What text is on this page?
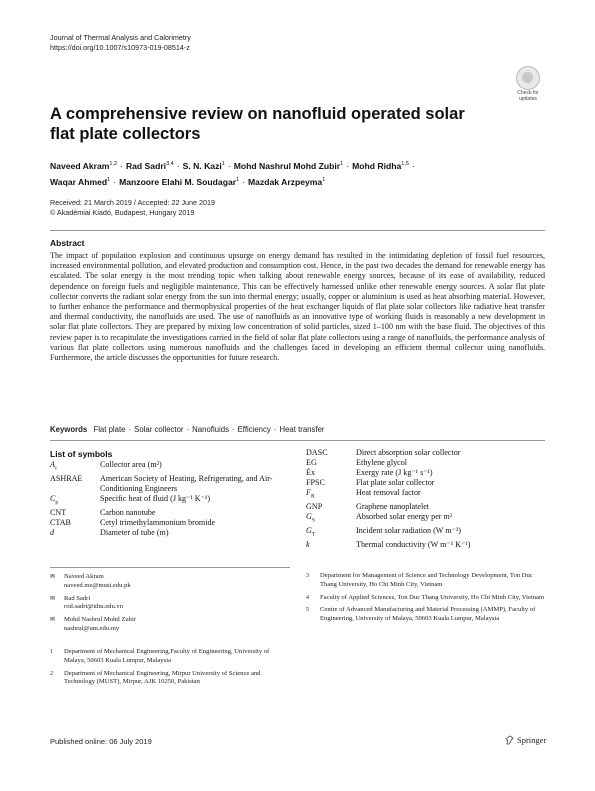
Journal of Thermal Analysis and Calorimetry
https://doi.org/10.1007/s10973-019-08514-z
Check for updates
A comprehensive review on nanofluid operated solar flat plate collectors
Naveed Akram$^{1,2}$ · Rad Sadri$^{3,4}$ · S. N. Kazi$^1$ · Mohd Nashrul Mohd Zubir$^1$ · Mohd Ridha$^{1,5}$ ·
Waqar Ahmed$^1$ · Manzoore Elahi M. Soudagar$^1$ · Mazdak Arzpeyma$^1$
Received: 21 March 2019 / Accepted: 22 June 2019
© Akadémiai Kiadó, Budapest, Hungary 2019
Abstract
The impact of population explosion and continuous upsurge on energy demand has resulted in the intimidating depletion of fossil fuel resources, increased environmental pollution, and elevated production and consumption cost. Hence, in the past two decades the demand for renewable energy has escalated. The solar energy is the most trending topic when talking about renewable energy sources, because of its ease of availability, reduced dependence on foreign fuels and negligible maintenance. This can be effectively harnessed unlike other renewable energy sources. A solar flat plate collector converts the radiant solar energy from the sun into thermal energy; usually, copper or aluminium is used as heat absorbing material. However, to further enhance the performance and thermophysical properties of the heat exchanger liquids of flat plate solar collectors like radiative heat transfer and thermal conductivity, the nanofluids are used. The use of nanofluids as an innovative type of working fluids is reasonably a new development in solar flat plate collectors. They are prepared by mixing low concentration of solid particles, sized 1–100 nm with the base fluid. The objectives of this review paper is to recapitulate the investigations carried in the field of solar flat plate collectors using a range of nanofluids, the performance analysis of various flat plate collectors using numerous nanofluids and the challenges faced in developing an efficient thermal collector using nanofluids. Furthermore, the article discusses the opportunities for future research.
Keywords Flat plate · Solar collector · Nanofluids · Efficiency · Heat transfer
List of symbols
$A_c$	Collector area (m²)
ASHRAE	American Society of Heating, Refrigerating, and Air-Conditioning Engineers
$C_p$	Specific heat of fluid (J kg⁻¹ K⁻¹)
CNT	Carbon nanotube
CTAB	Cetyl trimethylammonium bromide
d	Diameter of tube (m)
DASC	Direct absorption solar collector
EG	Ethylene glycol
Ėx	Exergy rate (J kg⁻¹ s⁻¹)
FPSC	Flat plate solar collector
$F_R$	Heat removal factor
GNP	Graphene nanoplatelet
$G_S$	Absorbed solar energy per m²
$G_T$	Incident solar radiation (W m⁻²)
k	Thermal conductivity (W m⁻¹ K⁻¹)
✉	Naveed Akram
naveed.me@must.edu.pk
✉	Rad Sadri
rod.sadri@tdtu.edu.vn
✉	Mohd Nashrul Mohd Zubir
nashrul@um.edu.my
1	Department of Mechanical Engineering,Faculty of Engineering, University of Malaya, 50603 Kuala Lumpur, Malaysia
2	Department of Mechanical Engineering, Mirpur University of Science and Technology (MUST), Mirpur, AJK 10250, Pakistan
3	Department for Management of Science and Technology Development, Ton Duc Thang University, Ho Chi Minh City, Vietnam
4	Faculty of Applied Sciences, Ton Duc Thang University, Ho Chi Minh City, Vietnam
5	Centre of Advanced Manufacturing and Material Processing (AMMP), Faculty of Engineering, University of Malaya, 50603 Kuala Lumpur, Malaysia
Published online: 06 July 2019	Springer
